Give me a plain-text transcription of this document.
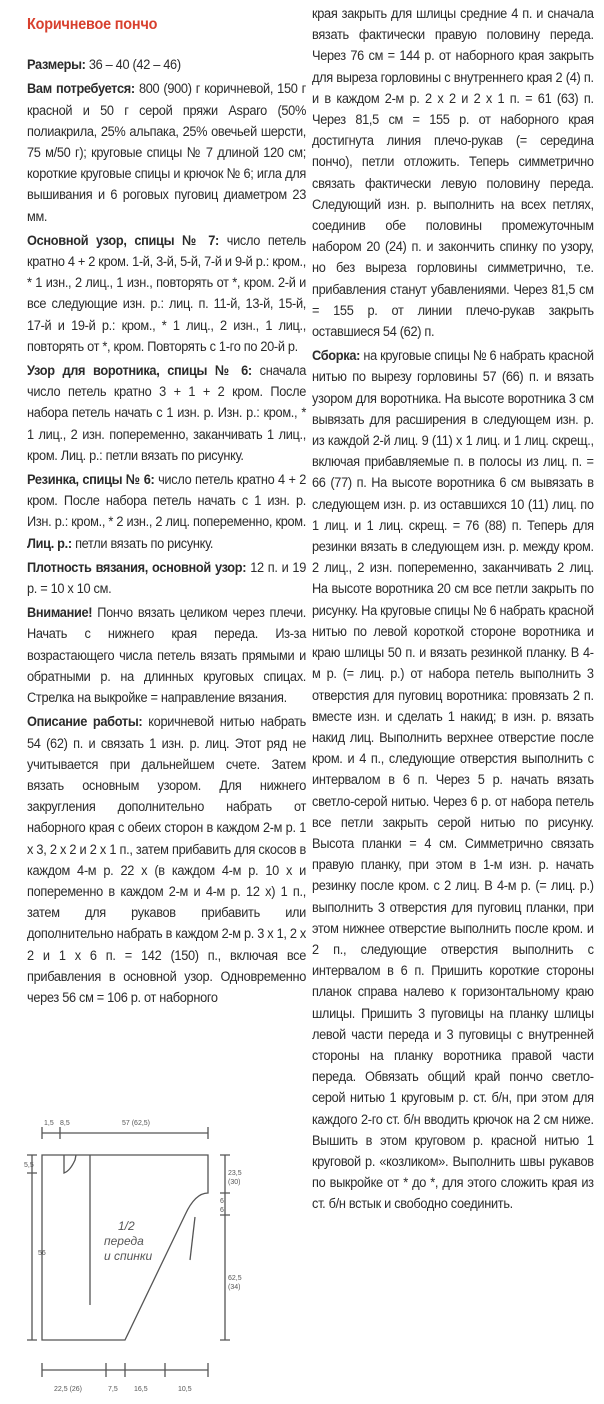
Коричневое пончо

Размеры: 36 – 40 (42 – 46)

Вам потребуется: 800 (900) г коричневой, 150 г красной и 50 г серой пряжи Asparo (50% полиакрила, 25% альпака, 25% овечьей шерсти, 75 м/50 г); круговые спицы № 7 длиной 120 см; короткие круговые спицы и крючок № 6; игла для вышивания и 6 роговых пуговиц диаметром 23 мм.

Основной узор, спицы № 7: число петель кратно 4 + 2 кром. 1-й, 3-й, 5-й, 7-й и 9-й р.: кром., * 1 изн., 2 лиц., 1 изн., повторять от *, кром. 2-й и все следующие изн. р.: лиц. п. 11-й, 13-й, 15-й, 17-й и 19-й р.: кром., * 1 лиц., 2 изн., 1 лиц., повторять от *, кром. Повторять с 1-го по 20-й р.

Узор для воротника, спицы № 6: сначала число петель кратно 3 + 1 + 2 кром. После набора петель начать с 1 изн. р. Изн. р.: кром., * 1 лиц., 2 изн. попеременно, заканчивать 1 лиц., кром. Лиц. р.: петли вязать по рисунку.

Резинка, спицы № 6: число петель кратно 4 + 2 кром. После набора петель начать с 1 изн. р. Изн. р.: кром., * 2 изн., 2 лиц. попеременно, кром. Лиц. р.: петли вязать по рисунку.

Плотность вязания, основной узор: 12 п. и 19 р. = 10 х 10 см.

Внимание! Пончо вязать целиком через плечи. Начать с нижнего края переда. Из-за возрастающего числа петель вязать прямыми и обратными р. на длинных круговых спицах. Стрелка на выкройке = направление вязания.

Описание работы: коричневой нитью набрать 54 (62) п. и связать 1 изн. р. лиц. Этот ряд не учитывается при дальнейшем счете. Затем вязать основным узором. Для нижнего закругления дополнительно набрать от наборного края с обеих сторон в каждом 2-м р. 1 х 3, 2 х 2 и 2 х 1 п., затем прибавить для скосов в каждом 4-м р. 22 х (в каждом 4-м р. 10 х и попеременно в каждом 2-м и 4-м р. 12 х) 1 п., затем для рукавов прибавить или дополнительно набрать в каждом 2-м р. 3 х 1, 2 х 2 и 1 х 6 п. = 142 (150) п., включая все прибавления в основной узор. Одновременно через 56 см = 106 р. от наборного

края закрыть для шлицы средние 4 п. и сначала вязать фактически правую половину переда. Через 76 см = 144 р. от наборного края закрыть для выреза горловины с внутреннего края 2 (4) п. и в каждом 2-м р. 2 х 2 и 2 х 1 п. = 61 (63) п. Через 81,5 см = 155 р. от наборного края достигнута линия плечо-рукав (= середина пончо), петли отложить. Теперь симметрично связать фактически левую половину переда. Следующий изн. р. выполнить на всех петлях, соединив обе половины промежуточным набором 20 (24) п. и закончить спинку по узору, но без выреза горловины симметрично, т.е. прибавления станут убавлениями. Через 81,5 см = 155 р. от линии плечо-рукав закрыть оставшиеся 54 (62) п.

Сборка: на круговые спицы № 6 набрать красной нитью по вырезу горловины 57 (66) п. и вязать узором для воротника. На высоте воротника 3 см вывязать для расширения в следующем изн. р. из каждой 2-й лиц. 9 (11) х 1 лиц. и 1 лиц. скрещ., включая прибавляемые п. в полосы из лиц. п. = 66 (77) п. На высоте воротника 6 см вывязать в следующем изн. р. из оставшихся 10 (11) лиц. по 1 лиц. и 1 лиц. скрещ. = 76 (88) п. Теперь для резинки вязать в следующем изн. р. между кром. 2 лиц., 2 изн. попеременно, заканчивать 2 лиц. На высоте воротника 20 см все петли закрыть по рисунку. На круговые спицы № 6 набрать красной нитью по левой короткой стороне воротника и краю шлицы 50 п. и вязать резинкой планку. В 4-м р. (= лиц. р.) от набора петель выполнить 3 отверстия для пуговиц воротника: провязать 2 п. вместе изн. и сделать 1 накид; в изн. р. вязать накид лиц. Выполнить верхнее отверстие после кром. и 4 п., следующие отверстия выполнить с интервалом в 6 п. Через 5 р. начать вязать светло-серой нитью. Через 6 р. от набора петель все петли закрыть серой нитью по рисунку. Высота планки = 4 см. Симметрично связать правую планку, при этом в 1-м изн. р. начать резинку после кром. с 2 лиц. В 4-м р. (= лиц. р.) выполнить 3 отверстия для пуговиц планки, при этом нижнее отверстие выполнить после кром. и 2 п., следующие отверстия выполнить с интервалом в 6 п. Пришить короткие стороны планок справа налево к горизонтальному краю шлицы. Пришить 3 пуговицы на планку шлицы левой части переда и 3 пуговицы с внутренней стороны на планку воротника правой части переда. Обвязать общий край пончо светло-серой нитью 1 круговым р. ст. б/н, при этом для каждого 2-го ст. б/н вводить крючок на 2 см ниже. Вышить в этом круговом р. красной нитью 1 круговой р. «козликом». Выполнить швы рукавов по выкройке от * до *, для этого сложить края из ст. б/н встык и свободно соединить.

1/2
переда
и спинки
1,5 8,5	57 (62,5)
5,5
56
23,5
(30)
6
6
62,5
(34)
22,5 (26)	7,5 16,5	10,5
